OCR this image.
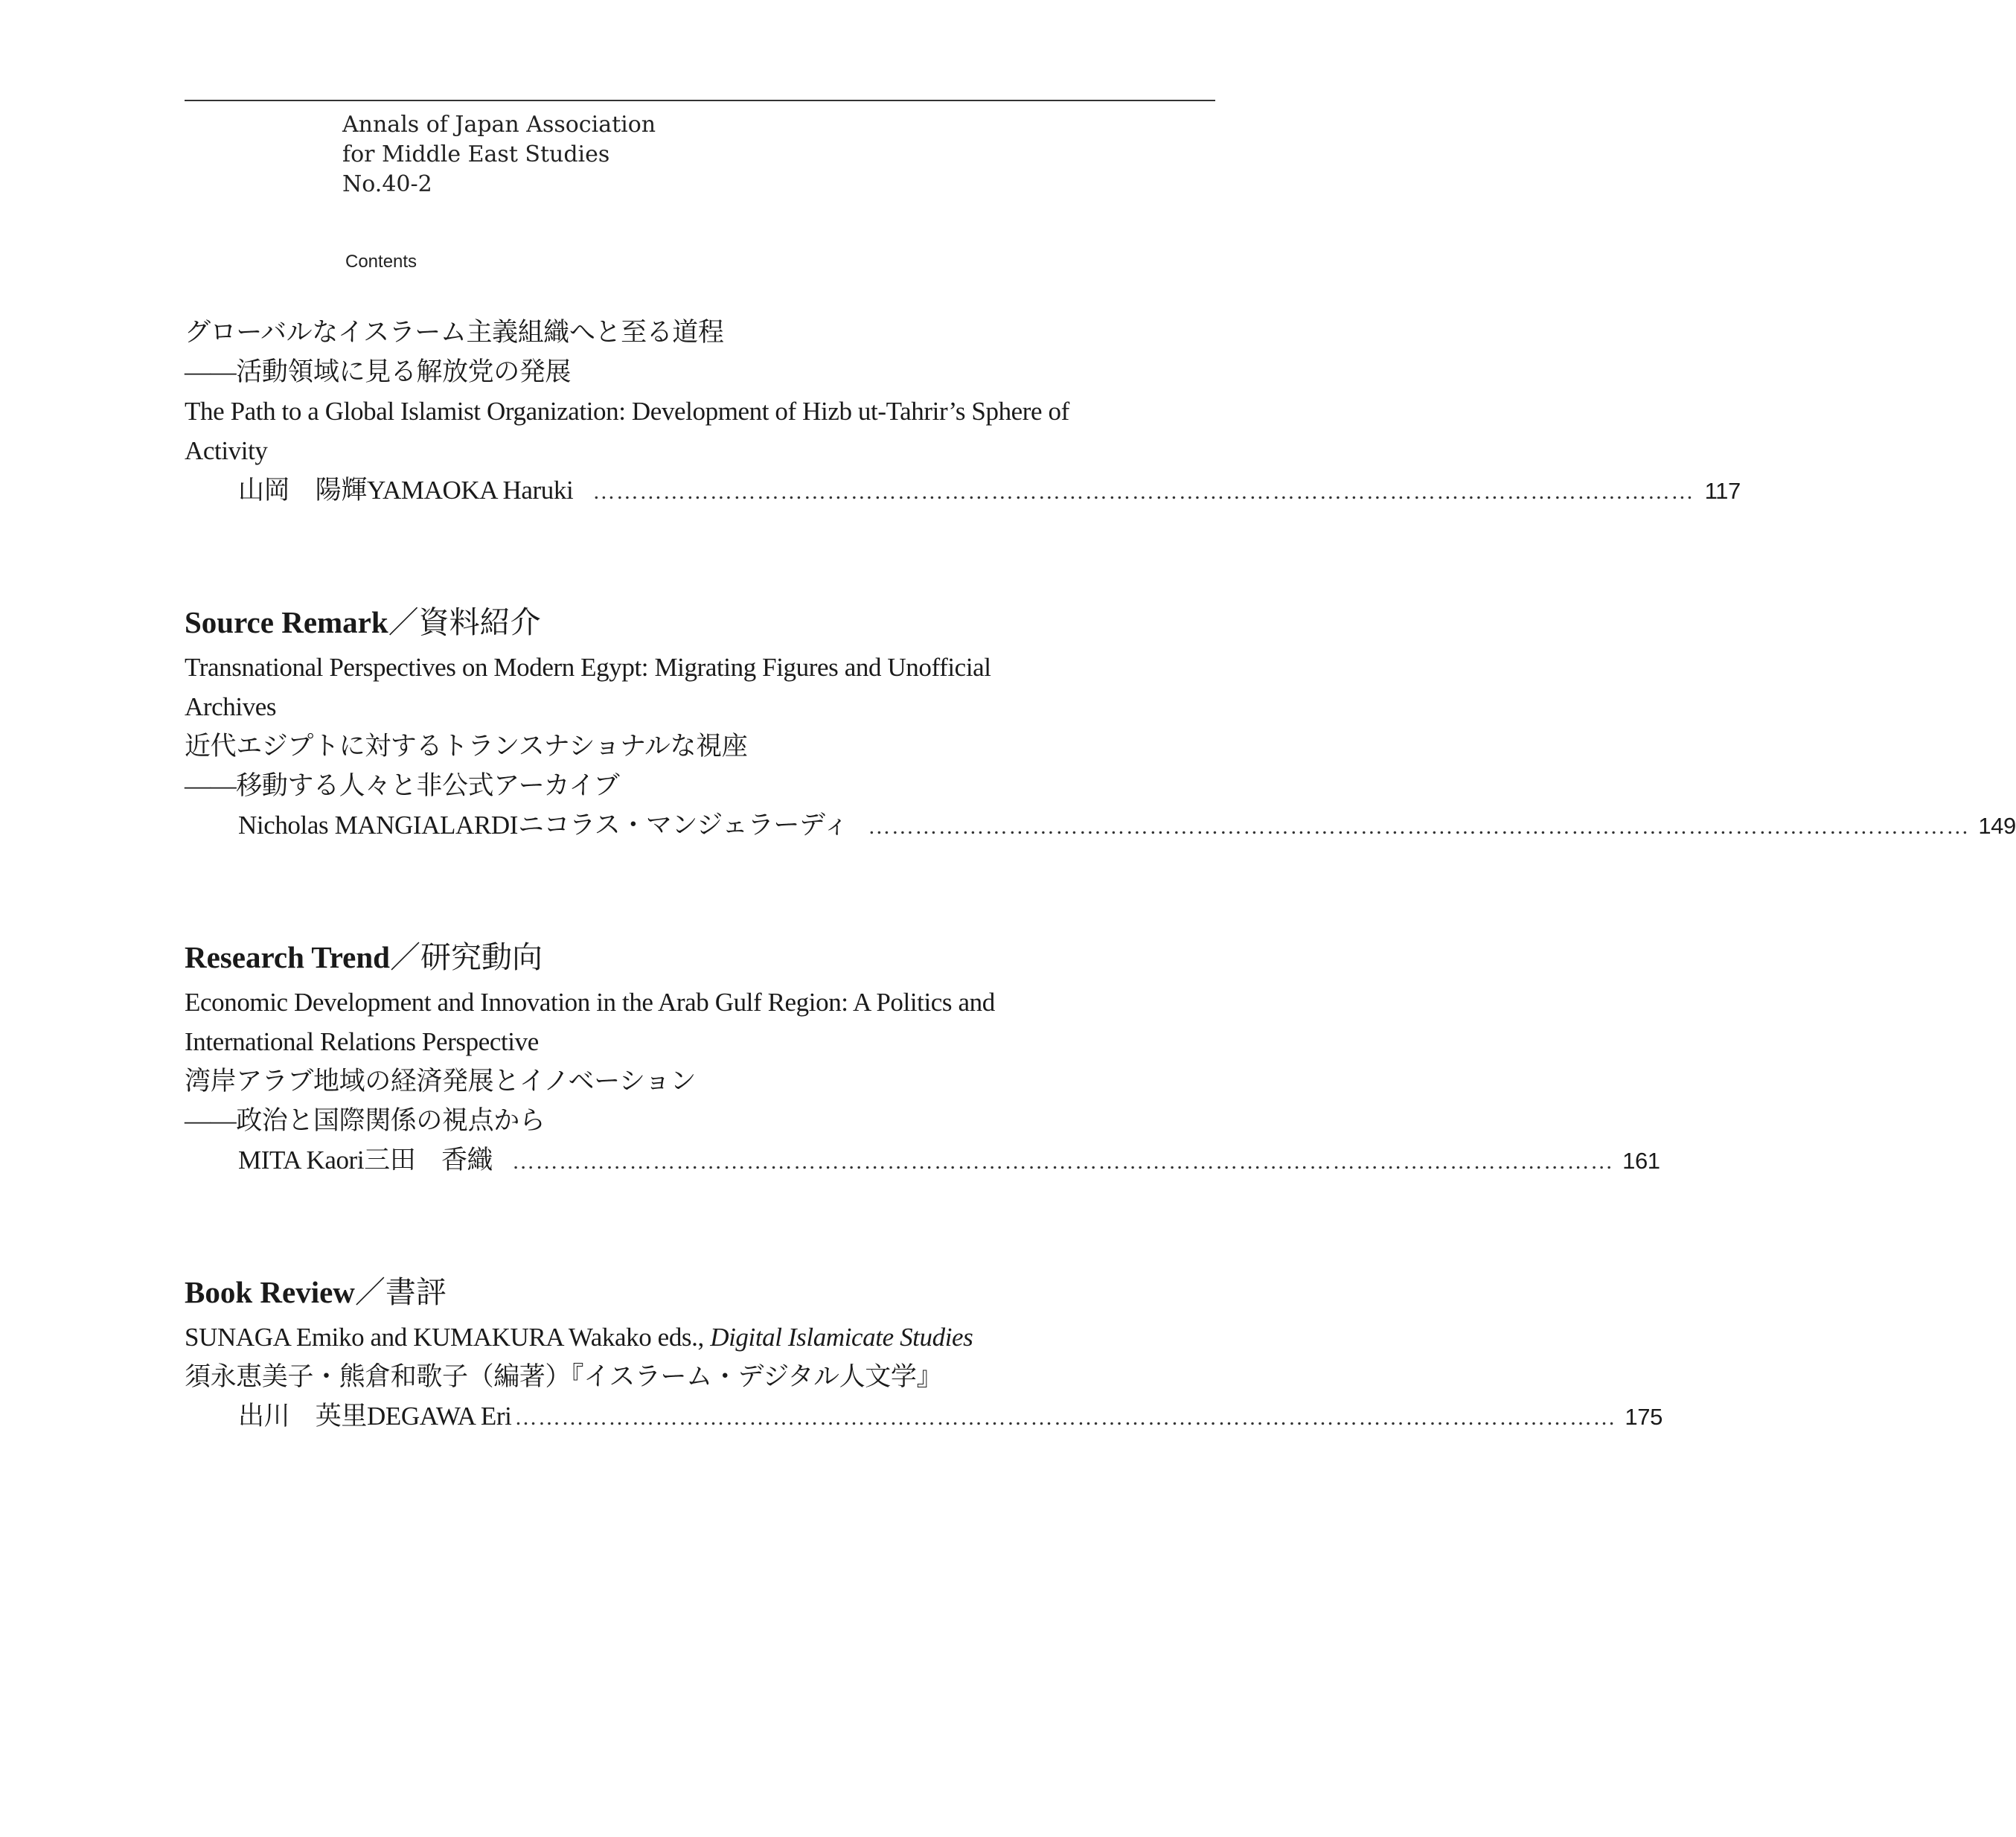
Annals of Japan Association
for Middle East Studies
No.40-2
Contents
グローバルなイスラーム主義組織へと至る道程
――活動領域に見る解放党の発展
The Path to a Global Islamist Organization: Development of Hizb ut-Tahrir’s Sphere of
Activity
山岡　陽輝 YAMAOKA Haruki …………………………………………………………………………………………………………………………… 117
Source Remark／資料紹介
Transnational Perspectives on Modern Egypt: Migrating Figures and Unofficial
Archives
近代エジプトに対するトランスナショナルな視座
――移動する人々と非公式アーカイブ
Nicholas MANGIALARDI ニコラス・マンジェラーディ …………………………………………………………………………………………………………………………… 149
Research Trend／研究動向
Economic Development and Innovation in the Arab Gulf Region: A Politics and
International Relations Perspective
湾岸アラブ地域の経済発展とイノベーション
――政治と国際関係の視点から
MITA Kaori 三田　香織 …………………………………………………………………………………………………………………………… 161
Book Review／書評
SUNAGA Emiko and KUMAKURA Wakako eds., Digital Islamicate Studies
須永恵美子・熊倉和歌子（編著）『イスラーム・デジタル人文学』
出川　英里 DEGAWA Eri …………………………………………………………………………………………………………………………… 175
